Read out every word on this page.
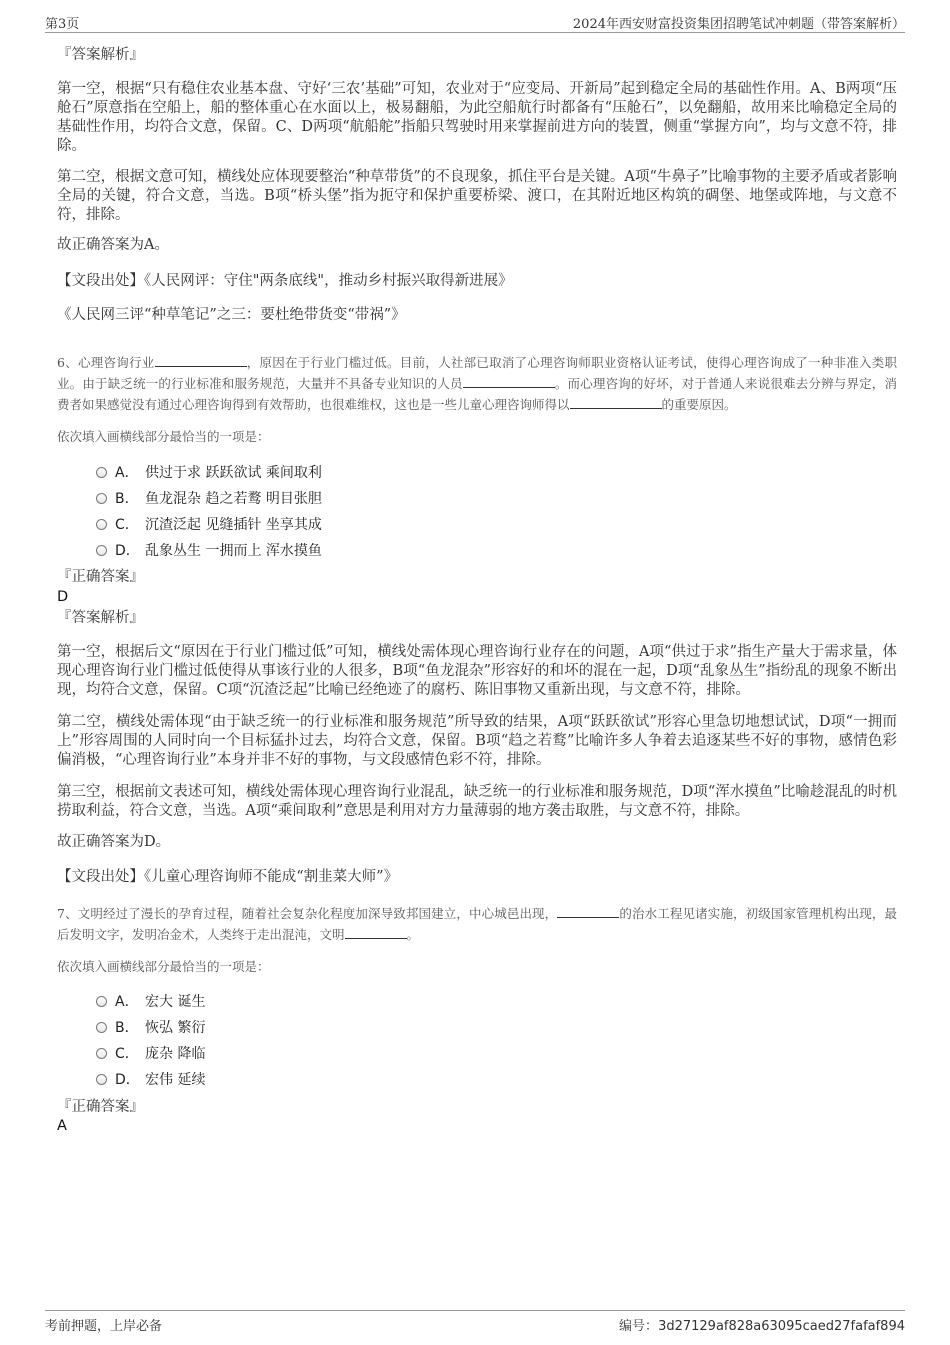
第3页	2024年西安财富投资集团招聘笔试冲刺题（带答案解析）
『答案解析』
第一空，根据“只有稳住农业基本盘、守好‘三农’基础”可知，农业对于“应变局、开新局”起到稳定全局的基础性作用。A、B两项“压舱石”原意指在空船上，船的整体重心在水面以上，极易翻船，为此空船航行时都备有“压舱石”，以免翻船，故用来比喻稳定全局的基础性作用，均符合文意，保留。C、D两项“航船舵”指船只驾驶时用来掌握前进方向的装置，侧重“掌握方向”，均与文意不符，排除。
第二空，根据文意可知，横线处应体现要整治“种草带货”的不良现象，抓住平台是关键。A项“牛鼻子”比喻事物的主要矛盾或者影响全局的关键，符合文意，当选。B项“桥头堡”指为扼守和保护重要桥梁、渡口，在其附近地区构筑的碉堡、地堡或阵地，与文意不符，排除。
故正确答案为A。
【文段出处】《人民网评：守住"两条底线"，推动乡村振兴取得新进展》
《人民网三评“种草笔记”之三：要杜绝带货变“带祸”》
6、心理咨询行业	，原因在于行业门槛过低。目前，人社部已取消了心理咨询师职业资格认证考试，使得心理咨询成了一种非准入类职业。由于缺乏统一的行业标准和服务规范，大量并不具备专业知识的人员	。而心理咨询的好坏，对于普通人来说很难去分辨与界定，消费者如果感觉没有通过心理咨询得到有效帮助，也很难维权，这也是一些儿童心理咨询师得以	的重要原因。
依次填入画横线部分最恰当的一项是：
A． 供过于求 跃跃欲试 乘间取利
B． 鱼龙混杂 趋之若鹜 明目张胆
C． 沉渣泛起 见缝插针 坐享其成
D． 乱象丛生 一拥而上 浑水摸鱼
『正确答案』
D
『答案解析』
第一空，根据后文“原因在于行业门槛过低”可知，横线处需体现心理咨询行业存在的问题，A项“供过于求”指生产量大于需求量，体现心理咨询行业门槛过低使得从事该行业的人很多，B项“鱼龙混杂”形容好的和坏的混在一起，D项“乱象丛生”指纷乱的现象不断出现，均符合文意，保留。C项“沉渣泛起”比喻已经绝迹了的腐朽、陈旧事物又重新出现，与文意不符，排除。
第二空，横线处需体现“由于缺乏统一的行业标准和服务规范”所导致的结果，A项“跃跃欲试”形容心里急切地想试试，D项“一拥而上”形容周围的人同时向一个目标猛扑过去，均符合文意，保留。B项“趋之若鹜”比喻许多人争着去追逐某些不好的事物，感情色彩偏消极，“心理咨询行业”本身并非不好的事物，与文段感情色彩不符，排除。
第三空，根据前文表述可知，横线处需体现心理咨询行业混乱，缺乏统一的行业标准和服务规范，D项“浑水摸鱼”比喻趁混乱的时机捞取利益，符合文意，当选。A项“乘间取利”意思是利用对方力量薄弱的地方袭击取胜，与文意不符，排除。
故正确答案为D。
【文段出处】《儿童心理咨询师不能成“割韭菜大师”》
7、文明经过了漫长的孕育过程，随着社会复杂化程度加深导致邦国建立，中心城邑出现，	的治水工程见诸实施，初级国家管理机构出现，最后发明文字，发明冶金术，人类终于走出混沌，文明	。
依次填入画横线部分最恰当的一项是：
A． 宏大 诞生
B． 恢弘 繁衍
C． 庞杂 降临
D． 宏伟 延续
『正确答案』
A
考前押题，上岸必备	编号：3d27129af828a63095caed27fafaf894
